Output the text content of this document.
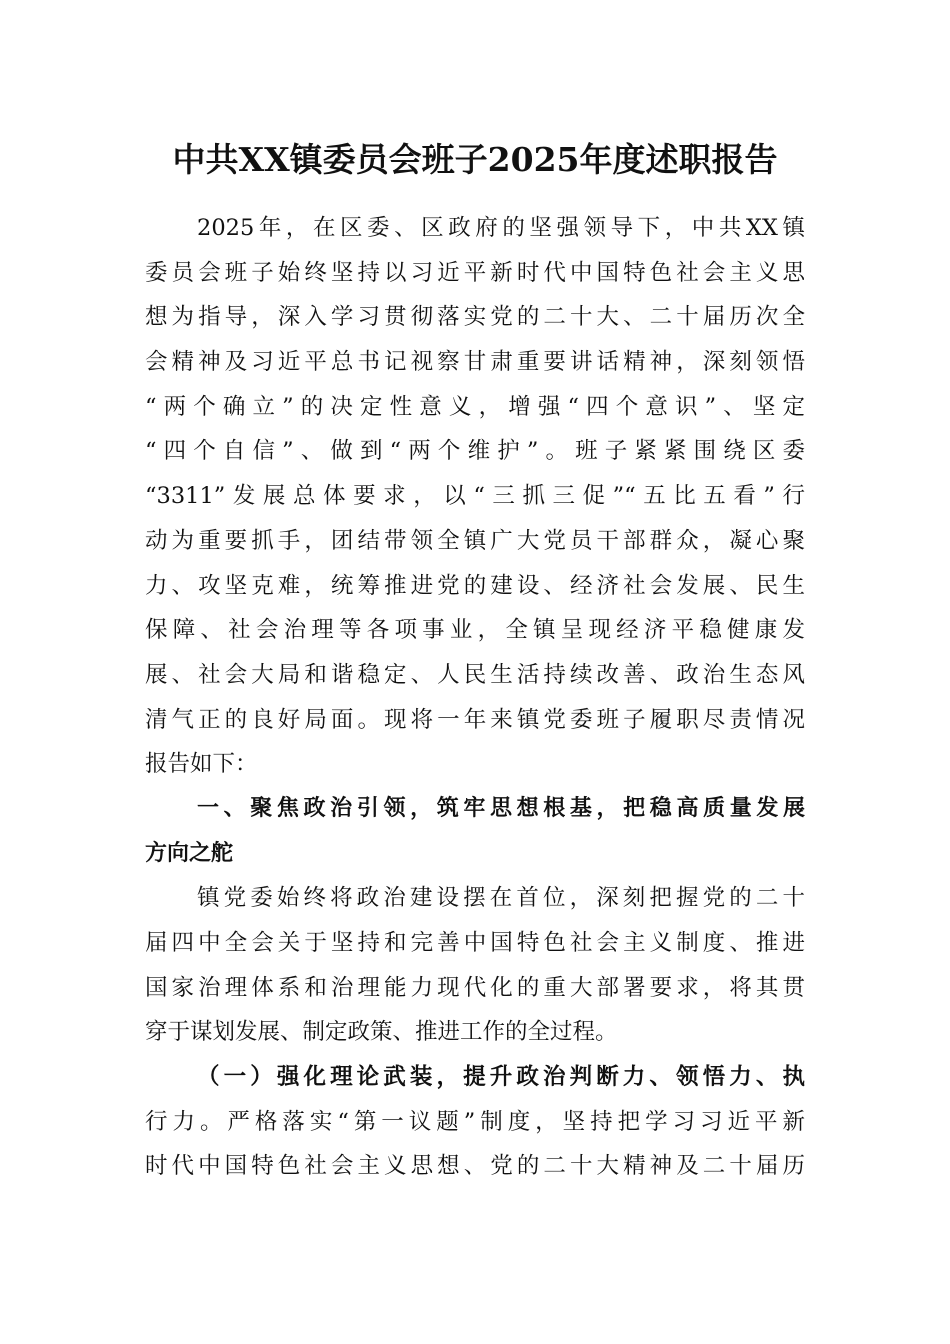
中共XX镇委员会班子2025年度述职报告
2025年，在区委、区政府的坚强领导下，中共XX镇
委员会班子始终坚持以习近平新时代中国特色社会主义思
想为指导，深入学习贯彻落实党的二十大、二十届历次全
会精神及习近平总书记视察甘肃重要讲话精神，深刻领悟
“两个确立”的决定性意义，增强“四个意识”、坚定
“四个自信”、做到“两个维护”。班子紧紧围绕区委
“3311”发展总体要求，以“三抓三促”“五比五看”行
动为重要抓手，团结带领全镇广大党员干部群众，凝心聚
力、攻坚克难，统筹推进党的建设、经济社会发展、民生
保障、社会治理等各项事业，全镇呈现经济平稳健康发
展、社会大局和谐稳定、人民生活持续改善、政治生态风
清气正的良好局面。现将一年来镇党委班子履职尽责情况
报告如下：
一、聚焦政治引领，筑牢思想根基，把稳高质量发展
方向之舵
镇党委始终将政治建设摆在首位，深刻把握党的二十
届四中全会关于坚持和完善中国特色社会主义制度、推进
国家治理体系和治理能力现代化的重大部署要求，将其贯
穿于谋划发展、制定政策、推进工作的全过程。
（一）强化理论武装，提升政治判断力、领悟力、执
行力。严格落实“第一议题”制度，坚持把学习习近平新
时代中国特色社会主义思想、党的二十大精神及二十届历
